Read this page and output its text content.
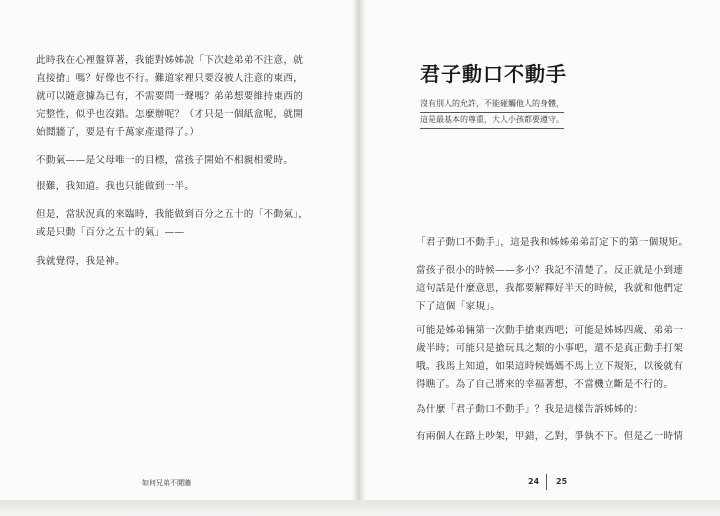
此時我在心裡盤算著，我能對姊姊說「下次趁弟弟不注意，就直接搶」嗎？好像也不行。難道家裡只要沒被人注意的東西，就可以隨意據為已有，不需要問一聲嗎？弟弟想要維持東西的完整性，似乎也沒錯。怎麼辦呢？（才只是一個紙盒呢，就開始鬩牆了，要是有千萬家產還得了。）

不動氣——是父母唯一的目標，當孩子開始不相親相愛時。

很難，我知道。我也只能做到一半。

但是，當狀況真的來臨時，我能做到百分之五十的「不動氣」，或是只動「百分之五十的氣」——

我就覺得，我是神。

如何兄弟不鬩牆
君子動口不動手
沒有別人的允許，不能碰觸他人的身體，
這是最基本的尊重，大人小孩都要遵守。

「君子動口不動手」，這是我和姊姊弟弟訂定下的第一個規矩。

當孩子很小的時候——多小？我記不清楚了。反正就是小到連這句話是什麼意思，我都要解釋好半天的時候，我就和他們定下了這個「家規」。

可能是姊弟倆第一次動手搶東西吧；可能是姊姊四歲、弟弟一歲半時；可能只是搶玩具之類的小事吧，還不是真正動手打架哦。我馬上知道，如果這時候媽媽不馬上立下規矩，以後就有得瞧了。為了自己將來的幸福著想，不當機立斷是不行的。

為什麼「君子動口不動手」？我是這樣告訴姊姊的：

有兩個人在路上吵架，甲錯，乙對，爭執不下。但是乙一時情

24 25
